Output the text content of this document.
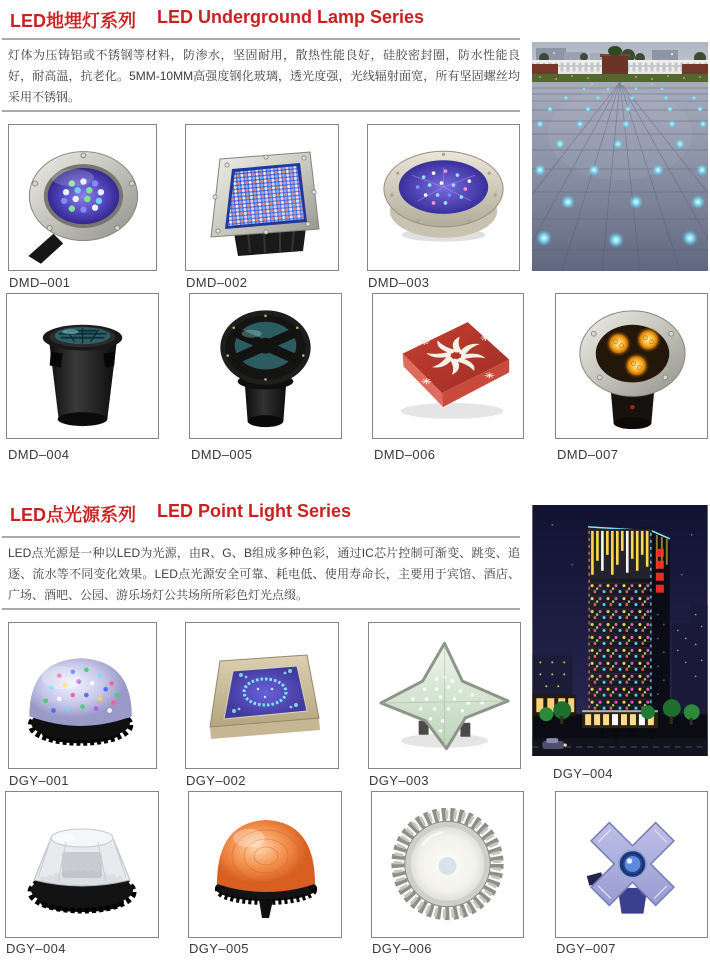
LED地埋灯系列 LED Underground Lamp Series
灯体为压铸铝或不锈钢等材料，防渗水，坚固耐用，散热性能良好，硅胶密封圈，防水性能良好，耐高温，抗老化。5MM-10MM高强度钢化玻璃，透光度强，光线辐射面宽，所有坚固螺丝均采用不锈钢。
DMD–001	DMD–002	DMD–003
DMD–004	DMD–005	DMD–006	DMD–007
LED点光源系列 LED Point Light Series
LED点光源是一种以LED为光源，由R、G、B组成多种色彩，通过IC芯片控制可渐变、跳变、追逐、流水等不同变化效果。LED点光源安全可靠、耗电低、使用寿命长，主要用于宾馆、酒店、广场、酒吧、公园、游乐场灯公共场所所彩色灯光点缀。
DGY–001	DGY–002	DGY–003	DGY–004
DGY–004	DGY–005	DGY–006	DGY–007
